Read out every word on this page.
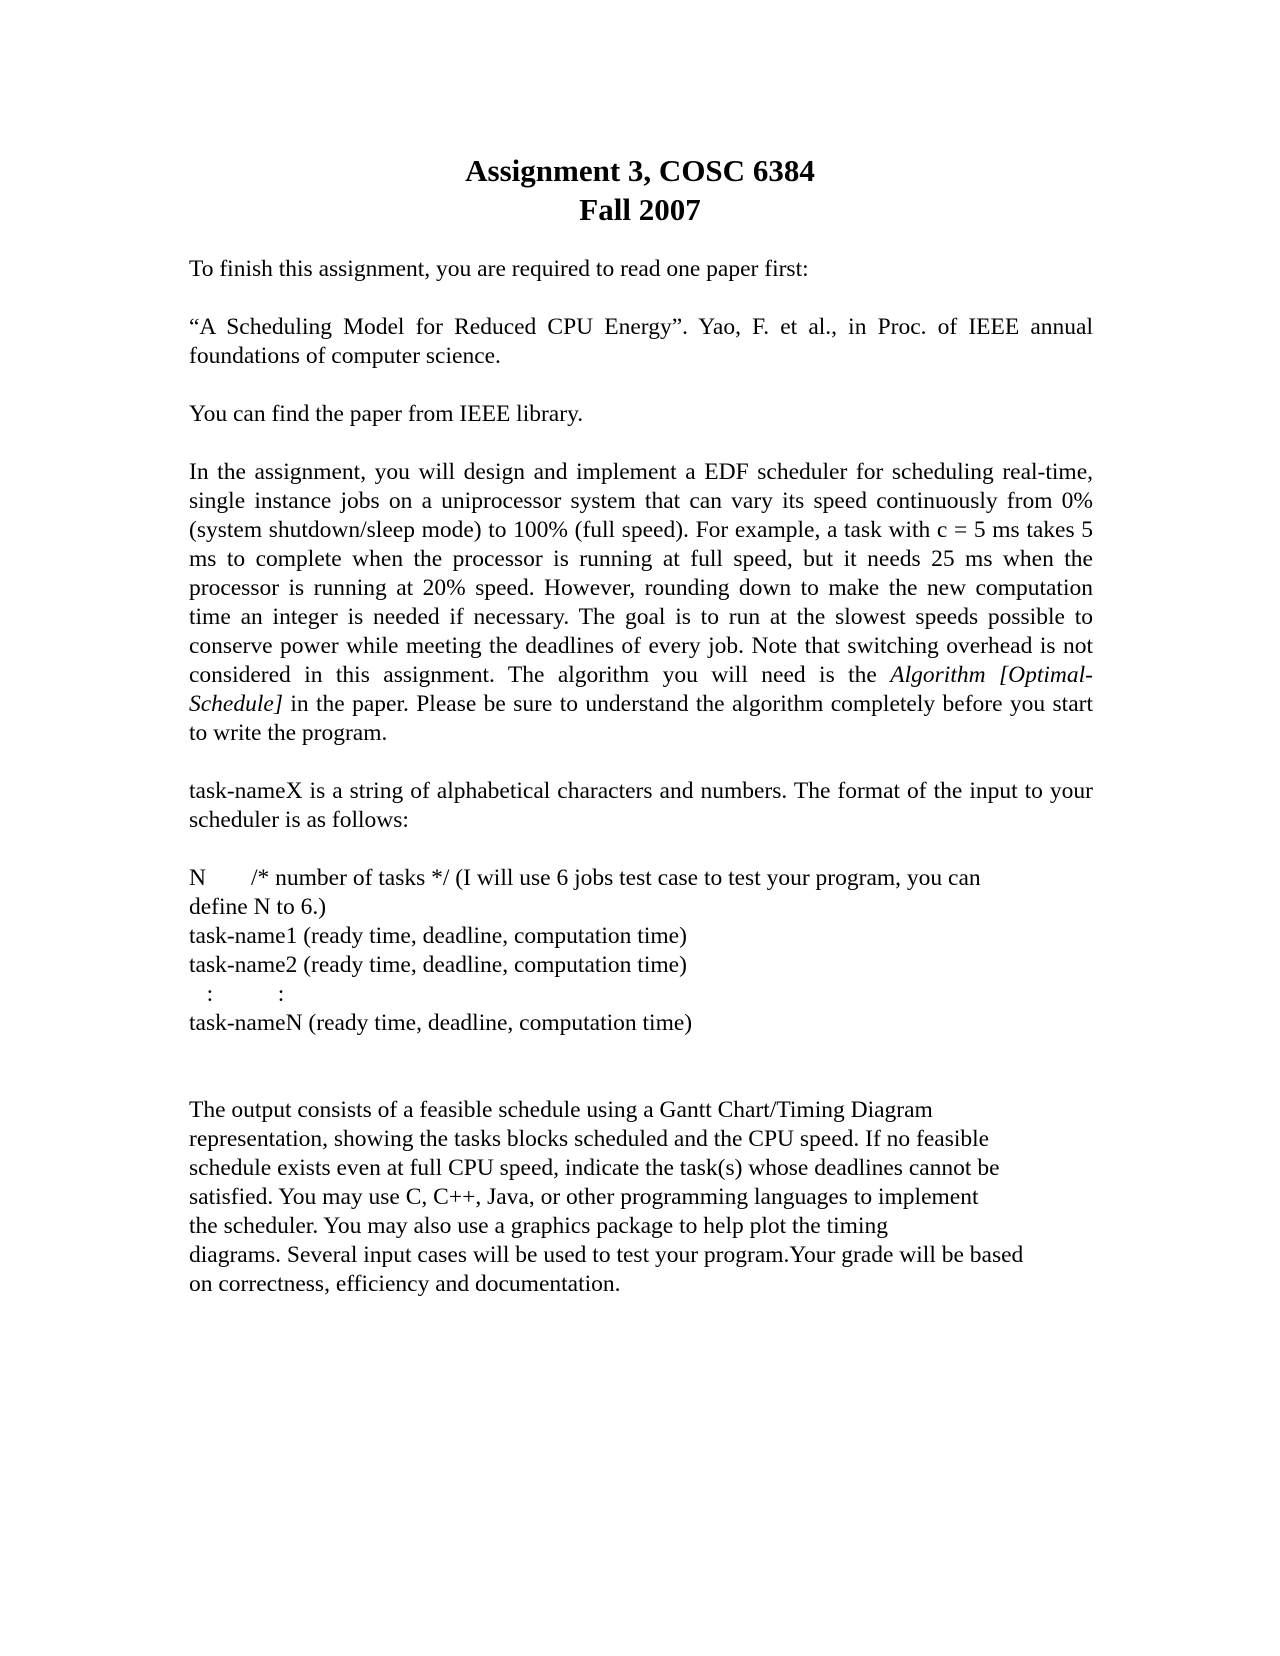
Assignment 3, COSC 6384
Fall 2007

To finish this assignment, you are required to read one paper first:

“A Scheduling Model for Reduced CPU Energy”. Yao, F. et al., in Proc. of IEEE annual foundations of computer science.

You can find the paper from IEEE library.

In the assignment, you will design and implement a EDF scheduler for scheduling real-time, single instance jobs on a uniprocessor system that can vary its speed continuously from 0% (system shutdown/sleep mode) to 100% (full speed). For example, a task with c = 5 ms takes 5 ms to complete when the processor is running at full speed, but it needs 25 ms when the processor is running at 20% speed. However, rounding down to make the new computation time an integer is needed if necessary. The goal is to run at the slowest speeds possible to conserve power while meeting the deadlines of every job. Note that switching overhead is not considered in this assignment. The algorithm you will need is the Algorithm [Optimal-Schedule] in the paper. Please be sure to understand the algorithm completely before you start to write the program.

task-nameX is a string of alphabetical characters and numbers. The format of the input to your scheduler is as follows:

N /* number of tasks */ (I will use 6 jobs test case to test your program, you can
define N to 6.)
task-name1 (ready time, deadline, computation time)
task-name2 (ready time, deadline, computation time)
:           :
task-nameN (ready time, deadline, computation time)
The output consists of a feasible schedule using a Gantt Chart/Timing Diagram
representation, showing the tasks blocks scheduled and the CPU speed. If no feasible
schedule exists even at full CPU speed, indicate the task(s) whose deadlines cannot be
satisfied. You may use C, C++, Java, or other programming languages to implement
the scheduler. You may also use a graphics package to help plot the timing
diagrams. Several input cases will be used to test your program.Your grade will be based
on correctness, efficiency and documentation.
